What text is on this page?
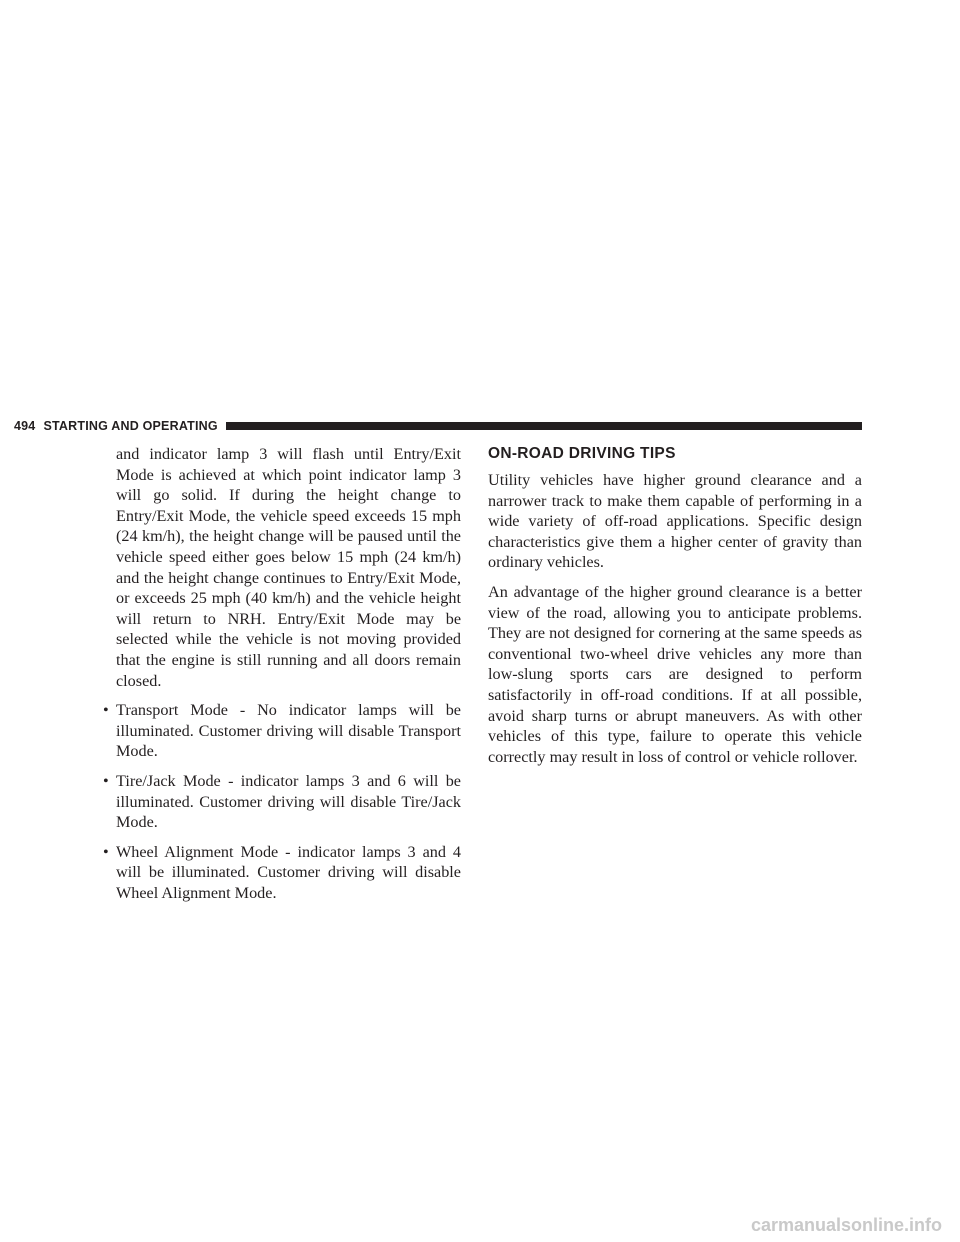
494 STARTING AND OPERATING

and indicator lamp 3 will flash until Entry/Exit Mode is achieved at which point indicator lamp 3 will go solid. If during the height change to Entry/Exit Mode, the vehicle speed exceeds 15 mph (24 km/h), the height change will be paused until the vehicle speed either goes below 15 mph (24 km/h) and the height change continues to Entry/Exit Mode, or exceeds 25 mph (40 km/h) and the vehicle height will return to NRH. Entry/Exit Mode may be selected while the vehicle is not moving provided that the engine is still running and all doors remain closed.

• Transport Mode - No indicator lamps will be illuminated. Customer driving will disable Transport Mode.
• Tire/Jack Mode - indicator lamps 3 and 6 will be illuminated. Customer driving will disable Tire/Jack Mode.
• Wheel Alignment Mode - indicator lamps 3 and 4 will be illuminated. Customer driving will disable Wheel Alignment Mode.
ON-ROAD DRIVING TIPS

Utility vehicles have higher ground clearance and a narrower track to make them capable of performing in a wide variety of off-road applications. Specific design characteristics give them a higher center of gravity than ordinary vehicles.

An advantage of the higher ground clearance is a better view of the road, allowing you to anticipate problems. They are not designed for cornering at the same speeds as conventional two-wheel drive vehicles any more than low-slung sports cars are designed to perform satisfactorily in off-road conditions. If at all possible, avoid sharp turns or abrupt maneuvers. As with other vehicles of this type, failure to operate this vehicle correctly may result in loss of control or vehicle rollover.

carmanualsonline.info
